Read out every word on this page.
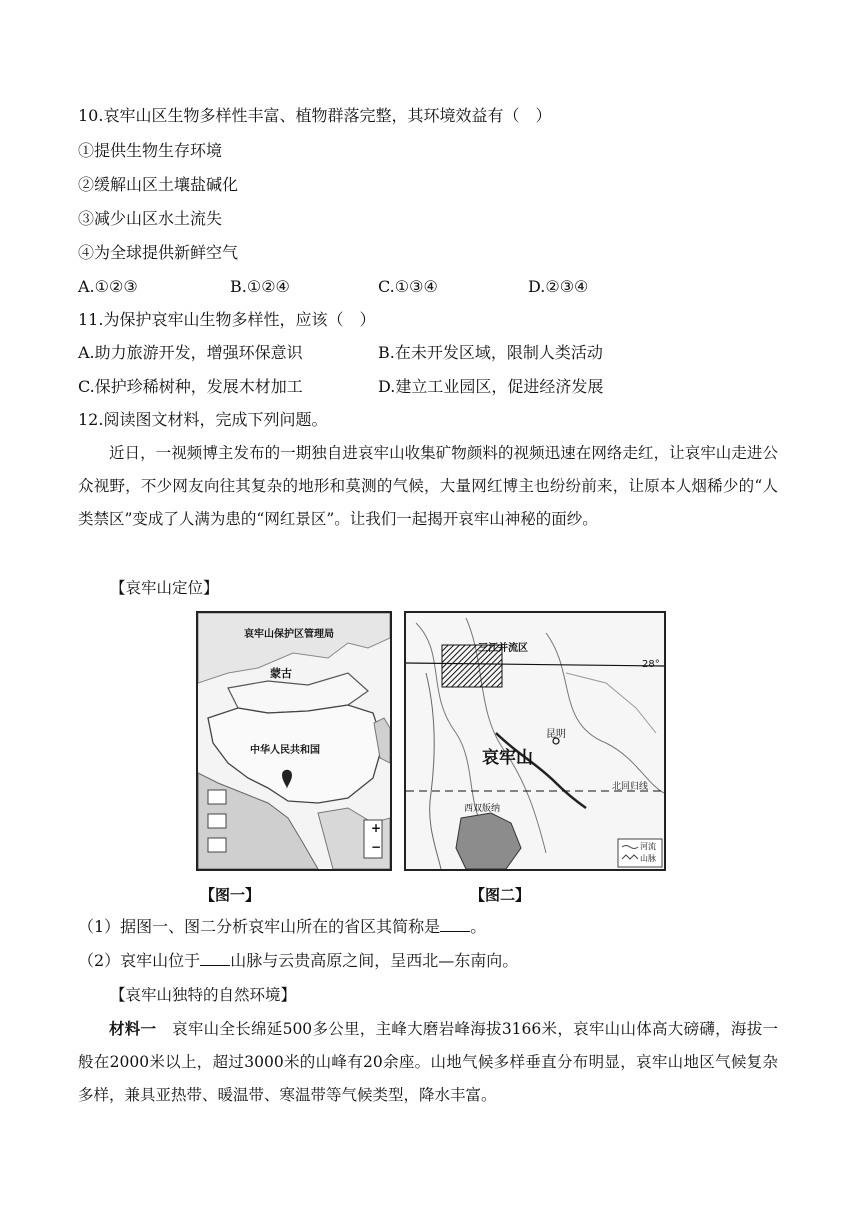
10.哀牢山区生物多样性丰富、植物群落完整，其环境效益有（　）
①提供生物生存环境
②缓解山区土壤盐碱化
③减少山区水土流失
④为全球提供新鲜空气
A.①②③	B.①②④	C.①③④	D.②③④
11.为保护哀牢山生物多样性，应该（　）
A.助力旅游开发，增强环保意识	B.在未开发区域，限制人类活动
C.保护珍稀树种，发展木材加工	D.建立工业园区，促进经济发展
12.阅读图文材料，完成下列问题。
近日，一视频博主发布的一期独自进哀牢山收集矿物颜料的视频迅速在网络走红，让哀牢山走进公众视野，不少网友向往其复杂的地形和莫测的气候，大量网红博主也纷纷前来，让原本人烟稀少的“人类禁区”变成了人满为患的“网红景区”。让我们一起揭开哀牢山神秘的面纱。
【哀牢山定位】
哀牢山保护区管理局
蒙古
中华人民共和国
+
−
三江并流区
28°
昆明
哀牢山
北回归线
西双版纳
河流
山脉
【图一】	【图二】
（1）据图一、图二分析哀牢山所在的省区其简称是 。
（2）哀牢山位于 山脉与云贵高原之间，呈西北—东南向。
【哀牢山独特的自然环境】
材料一  哀牢山全长绵延500多公里，主峰大磨岩峰海拔3166米，哀牢山山体高大磅礴，海拔一般在2000米以上，超过3000米的山峰有20余座。山地气候多样垂直分布明显，哀牢山地区气候复杂多样，兼具亚热带、暖温带、寒温带等气候类型，降水丰富。
